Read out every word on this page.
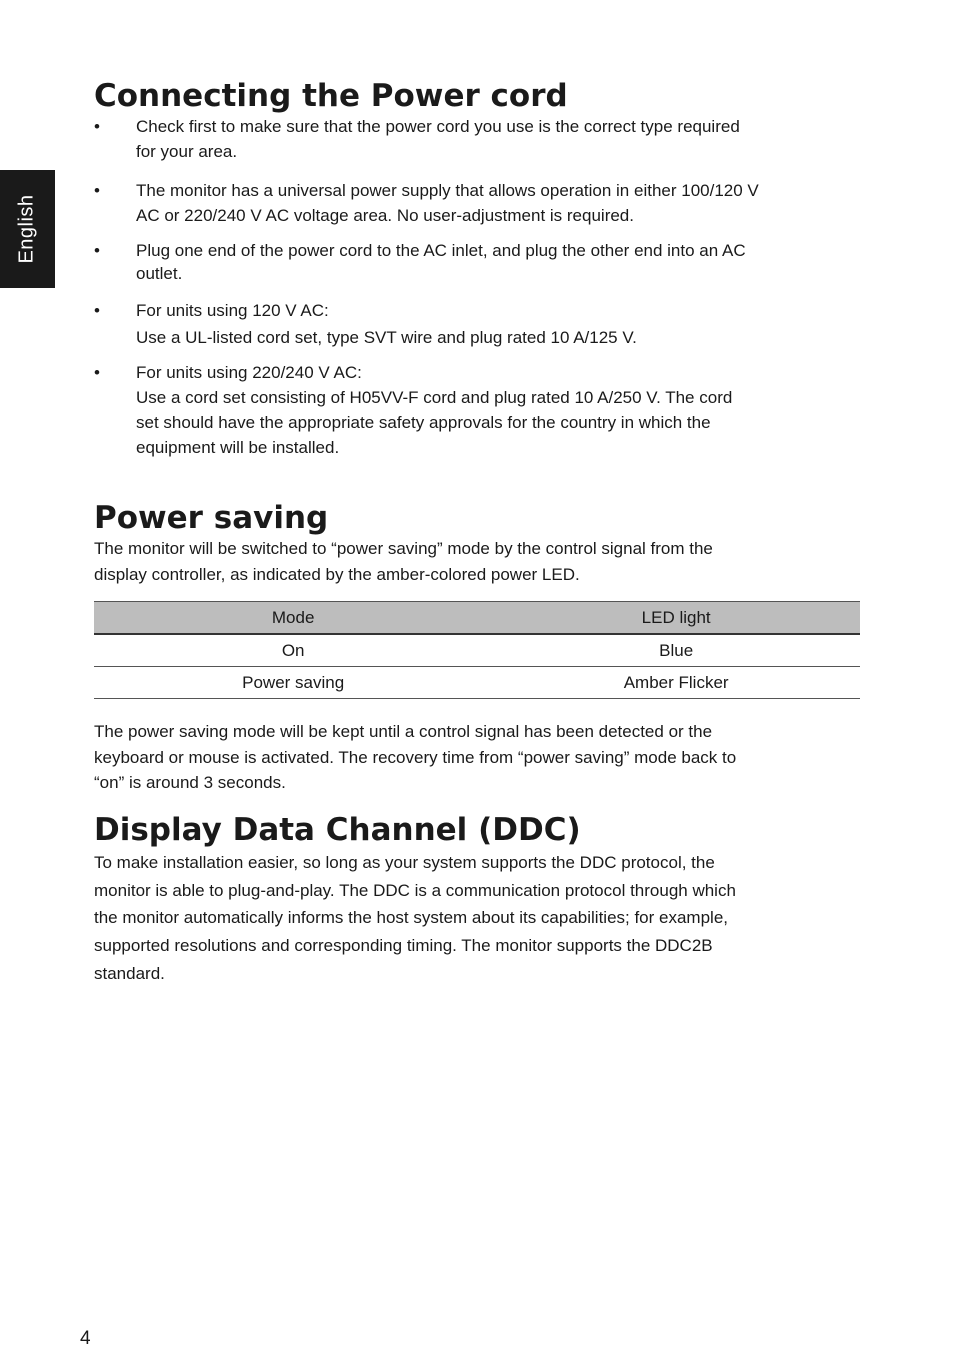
English
Connecting the Power cord
• Check first to make sure that the power cord you use is the correct type required
for your area.
• The monitor has a universal power supply that allows operation in either 100/120 V
AC or 220/240 V AC voltage area. No user-adjustment is required.
• Plug one end of the power cord to the AC inlet, and plug the other end into an AC
outlet.
• For units using 120 V AC:
Use a UL-listed cord set, type SVT wire and plug rated 10 A/125 V.
• For units using 220/240 V AC:
Use a cord set consisting of H05VV-F cord and plug rated 10 A/250 V. The cord
set should have the appropriate safety approvals for the country in which the
equipment will be installed.
Power saving
The monitor will be switched to “power saving” mode by the control signal from the
display controller, as indicated by the amber-colored power LED.
Mode	LED light
On	Blue
Power saving	Amber Flicker
The power saving mode will be kept until a control signal has been detected or the
keyboard or mouse is activated. The recovery time from “power saving” mode back to
“on” is around 3 seconds.
Display Data Channel (DDC)
To make installation easier, so long as your system supports the DDC protocol, the
monitor is able to plug-and-play. The DDC is a communication protocol through which
the monitor automatically informs the host system about its capabilities; for example,
supported resolutions and corresponding timing. The monitor supports the DDC2B
standard.
4
